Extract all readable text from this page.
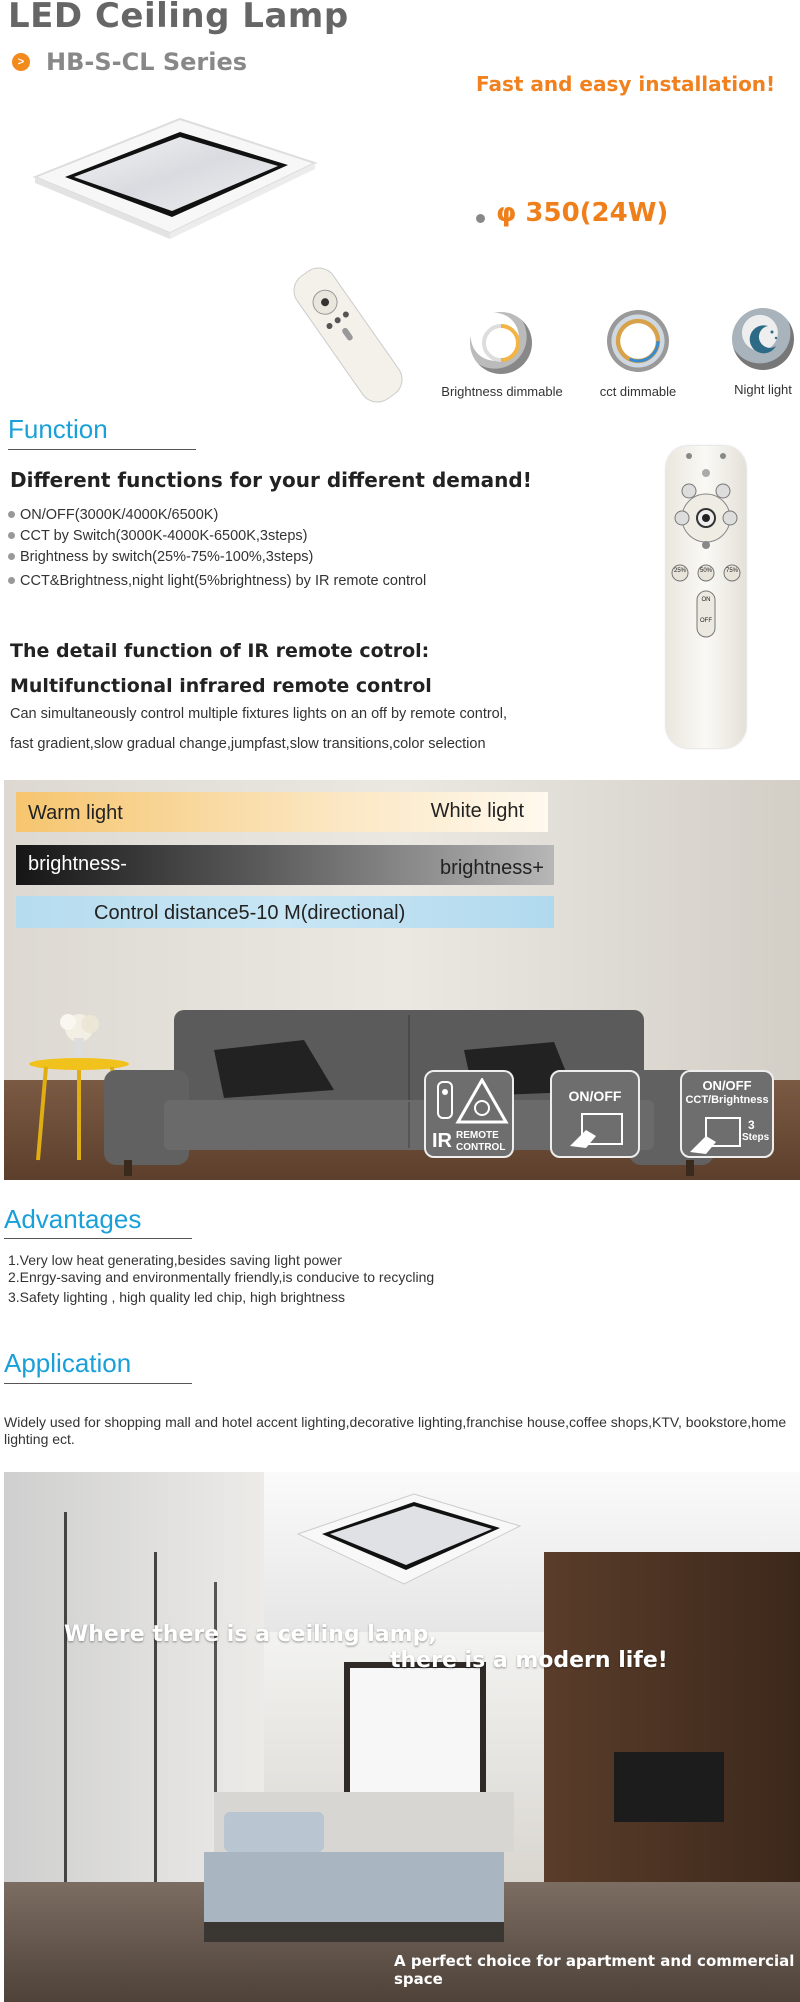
LED Ceiling Lamp
> HB-S-CL Series
Fast and easy installation!
φ 350(24W)
Brightness dimmable	cct dimmable	Night light
Function
Different functions for your different demand!
ON/OFF(3000K/4000K/6500K)
CCT by Switch(3000K-4000K-6500K,3steps)
Brightness by switch(25%-75%-100%,3steps)
CCT&Brightness,night light(5%brightness) by IR remote control
The detail function of IR remote cotrol:
Multifunctional infrared remote control
Can simultaneously control multiple fixtures lights on an off by remote control,
fast gradient,slow gradual change,jumpfast,slow transitions,color selection
25% 50% 75%
ON
OFF
Warm light	White light
brightness-	brightness+
Control distance5-10 M(directional)
IR REMOTE
CONTROL
ON/OFF
ON/OFF
CCT/Brightness
3
Steps
Advantages
1.Very low heat generating,besides saving light power
2.Enrgy-saving and environmentally friendly,is conducive to recycling
3.Safety lighting , high quality led chip, high brightness
Application
Widely used for shopping mall and hotel accent lighting,decorative lighting,franchise house,coffee shops,KTV, bookstore,home lighting ect.
Where there is a ceiling lamp,
there is a modern life!
A perfect choice for apartment and commercial space
